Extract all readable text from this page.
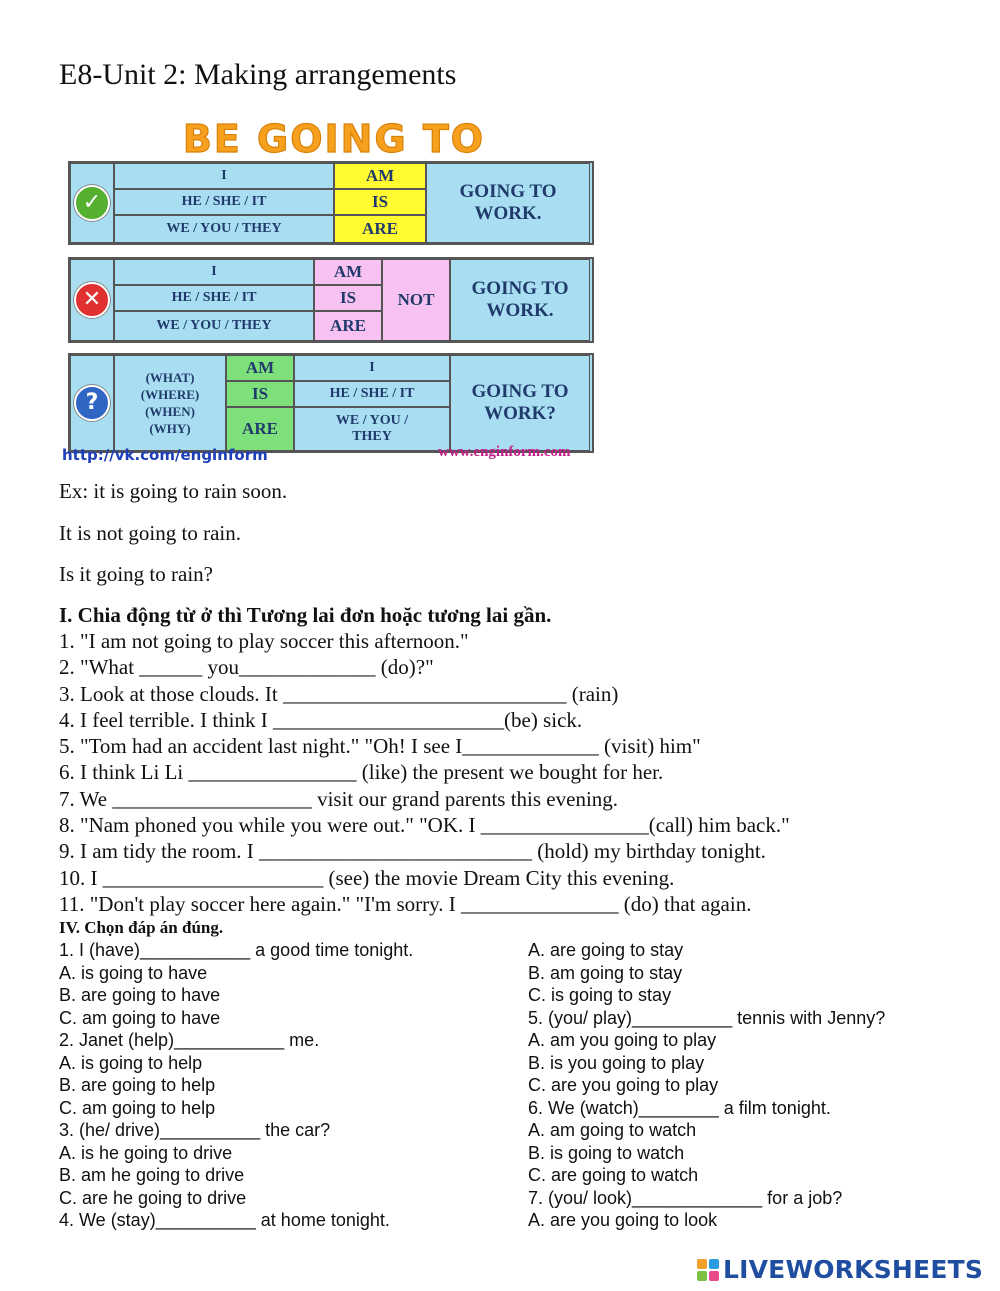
E8-Unit 2: Making arrangements
BE GOING TO
✓
I
HE / SHE / IT
WE / YOU / THEY
AM
IS
ARE
GOING TO WORK.
✕
I
HE / SHE / IT
WE / YOU / THEY
AM
IS
ARE
NOT
GOING TO WORK.
?
(WHAT)
(WHERE)
(WHEN)
(WHY)
AM
IS
ARE
I
HE / SHE / IT
WE / YOU / THEY
GOING TO WORK?
http://vk.com/enginform	www.enginform.com
Ex: it is going to rain soon.
It is not going to rain.
Is it going to rain?
I. Chia động từ ở thì Tương lai đơn hoặc tương lai gần.
1. "I am not going to play soccer this afternoon."
2. "What ______ you_____________ (do)?"
3. Look at those clouds. It ___________________________ (rain)
4. I feel terrible. I think I ______________________(be) sick.
5. "Tom had an accident last night." "Oh! I see I_____________ (visit) him"
6. I think Li Li ________________ (like) the present we bought for her.
7. We ___________________ visit our grand parents this evening.
8. "Nam phoned you while you were out." "OK. I ________________(call) him back."
9. I am tidy the room. I __________________________ (hold) my birthday tonight.
10. I _____________________ (see) the movie Dream City this evening.
11. "Don't play soccer here again." "I'm sorry. I _______________ (do) that again.
IV. Chọn đáp án đúng.
1. I (have)___________ a good time tonight.
A. is going to have
B. are going to have
C. am going to have
2. Janet (help)___________ me.
A. is going to help
B. are going to help
C. am going to help
3. (he/ drive)__________ the car?
A. is he going to drive
B. am he going to drive
C. are he going to drive
4. We (stay)__________ at home tonight.
A. are going to stay
B. am going to stay
C. is going to stay
5. (you/ play)__________ tennis with Jenny?
A. am you going to play
B. is you going to play
C. are you going to play
6. We (watch)________ a film tonight.
A. am going to watch
B. is going to watch
C. are going to watch
7. (you/ look)_____________ for a job?
A. are you going to look
LIVEWORKSHEETS
